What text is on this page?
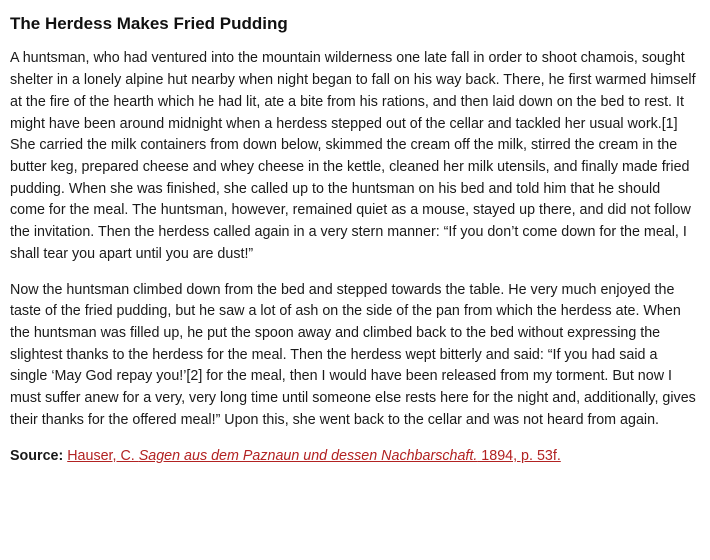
The Herdess Makes Fried Pudding

A huntsman, who had ventured into the mountain wilderness one late fall in order to shoot chamois, sought shelter in a lonely alpine hut nearby when night began to fall on his way back. There, he first warmed himself at the fire of the hearth which he had lit, ate a bite from his rations, and then laid down on the bed to rest. It might have been around midnight when a herdess stepped out of the cellar and tackled her usual work.[1] She carried the milk containers from down below, skimmed the cream off the milk, stirred the cream in the butter keg, prepared cheese and whey cheese in the kettle, cleaned her milk utensils, and finally made fried pudding. When she was finished, she called up to the huntsman on his bed and told him that he should come for the meal. The huntsman, however, remained quiet as a mouse, stayed up there, and did not follow the invitation. Then the herdess called again in a very stern manner: “If you don’t come down for the meal, I shall tear you apart until you are dust!”

Now the huntsman climbed down from the bed and stepped towards the table. He very much enjoyed the taste of the fried pudding, but he saw a lot of ash on the side of the pan from which the herdess ate. When the huntsman was filled up, he put the spoon away and climbed back to the bed without expressing the slightest thanks to the herdess for the meal. Then the herdess wept bitterly and said: “If you had said a single ‘May God repay you!’[2] for the meal, then I would have been released from my torment. But now I must suffer anew for a very, very long time until someone else rests here for the night and, additionally, gives their thanks for the offered meal!” Upon this, she went back to the cellar and was not heard from again.

Source: Hauser, C. Sagen aus dem Paznaun und dessen Nachbarschaft. 1894, p. 53f.
